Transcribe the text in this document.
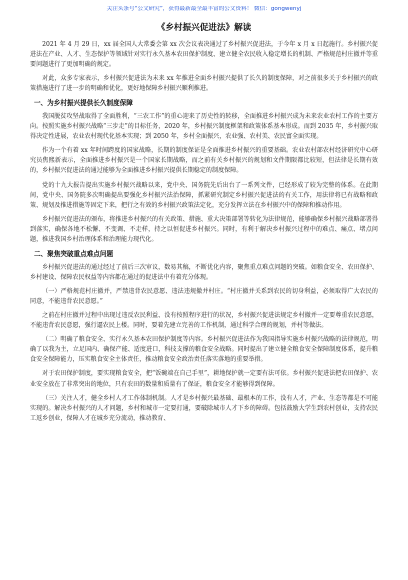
关注头条号“公文研究”，获得最新最全最丰富的公文资料！ 微信：gongwenyj
《乡村振兴促进法》解读

2021 年 4 月 29 日，xx 届全国人大常委会第 xx 次会议表决通过了乡村振兴促进法，于今年 x 月 x 日起施行。乡村振兴促进法在产业、人才、生态保护等领域针对实行永久基本农田保护制度、建立健全农民收入稳定增长的机制、严格规范村庄撤并等重要问题进行了更加明确的规定。

对此，众多专家表示，乡村振兴促进法为未来 xx 年推进全面乡村振兴提供了长久的制度保障，对之前很多关于乡村振兴的政策措施进行了进一步的明确和优化，更好地保障乡村振兴顺利推进。

一、为乡村振兴提供长久制度保障

我国脱贫攻坚战取得了全面胜利，“三农工作”的重心迎来了历史性的转移，全面推进乡村振兴成为未来农业农村工作的主要方向。按照实施乡村振兴战略“三步走”的目标任务，2020 年，乡村振兴制度框架和政策体系基本形成。而到 2035 年，乡村振兴取得决定性进展，农业农村现代化基本实现；到 2050 年，乡村全面振兴，农业强、农村美、农民富全面实现。

作为一个有着 xx 年时间跨度的国家战略，长期的制度保证是全面推进乡村振兴的重要基础。农业农村部农村经济研究中心研究员焦熙新表示，全面推进乡村振兴是一个国家长期战略，而之前有关乡村振兴的规划和文件期限都比较短，但法律是长期有效的，乡村振兴促进法的通过能够为全面推进乡村振兴提供长期稳定的制度保障。

党的十九大报告提出实施乡村振兴战略以来，党中央、国务院先后出台了一系列文件，已经形成了较为完整的体系。在此期间，党中央、国务院多次明确提出要强化乡村振兴法治保障，抓紧研究制定乡村振兴促进法的有关工作，用法律将已有战略和政策、规划及推进措施等固定下来，把行之有效的乡村振兴政策法定化，充分发挥立法在乡村振兴中的保障和推动作用。

乡村振兴促进法的颁布，将推进乡村振兴的有关政策、措施、重大决策部署等转化为法律规范，能够确保乡村振兴战略部署得到落实，确保各地不松懈、不变调、不走样，持之以恒促进乡村振兴。同时，有利于解决乡村振兴过程中的难点、痛点、堵点问题，推进我国乡村治理体系和治理能力现代化。

二、聚焦突破重点难点问题

乡村振兴促进法的通过经过了前后三次审议，数易其稿，不断优化内容，聚焦重点难点问题的突破。如粮食安全、农田保护、乡村建设、保障农民权益等内容都在通过的促进法中有着充分体现。

（一）严格规范村庄撤并，严禁违背农民意愿、违法违规撤并村庄。“村庄撤并关系到农民的切身利益，必须取得广大农民的同意，不能违背农民意愿。”

之前在村庄撤并过程中出现过违反农民利益、没有按照程序进行的状况，乡村振兴促进法规定乡村撤并一定要尊重农民意愿，不能违背农民意愿，强行逼农民上楼。同时，要着先建立完善的工作机制，通过科学合理的规划，并村等做法。

（二）明确了粮食安全、实行永久基本农田保护制度等内容。乡村振兴促进法作为我国指导实施乡村振兴战略的法律规范，明确了以我为主，立足国内、确保产能、适度进口，科技支撑的粮食安全战略。同时提出了建立健全粮食安全保障制度体系，提升粮食安全保障能力，压实粮食安全主体责任，推动粮食安全政治责任落实落地的重要举措。

对于农田保护制度，要实现粮食安全，把“饭碗端在自己手里”，耕地保护就一定要有法可依。乡村振兴促进法把农田保护、农业安全放在了非常突出的地位，只有农田的数量和质量有了保证，粮食安全才能够得到保障。

（三）关注人才，健全乡村人才工作体制机制。人才是乡村振兴最基础、最根本的工作，没有人才，产业、生态等都是不可能实现的。解决乡村振兴的人才问题，乡村和城市一定要打通，要破除城市人才下乡的障碍。包括鼓励大学生到农村创业，支持农民工返乡创业，保障人才在城乡充分流动，推动教育、
